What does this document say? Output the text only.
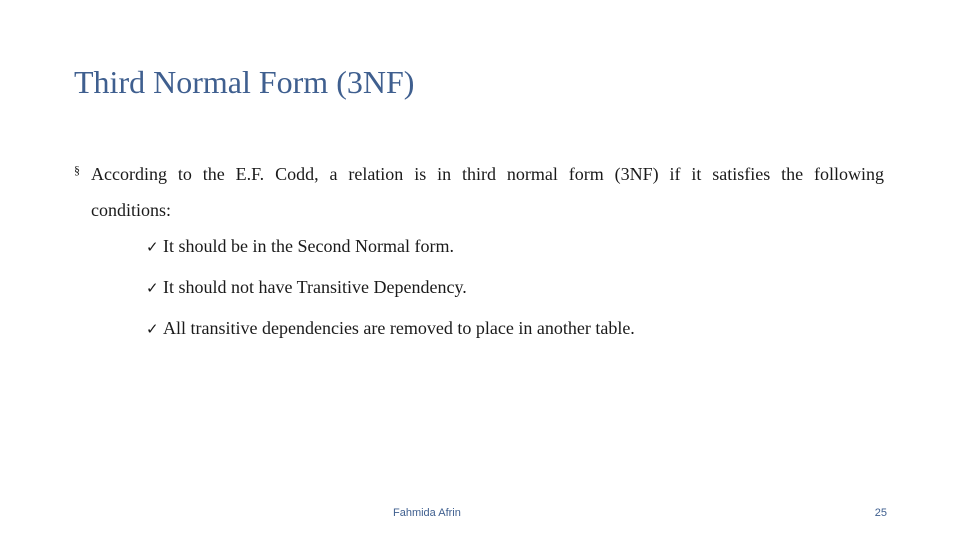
Third Normal Form (3NF)
§ According to the E.F. Codd, a relation is in third normal form (3NF) if it satisfies the following conditions:
✓ It should be in the Second Normal form.
✓ It should not have Transitive Dependency.
✓ All transitive dependencies are removed to place in another table.
Fahmida Afrin	25
